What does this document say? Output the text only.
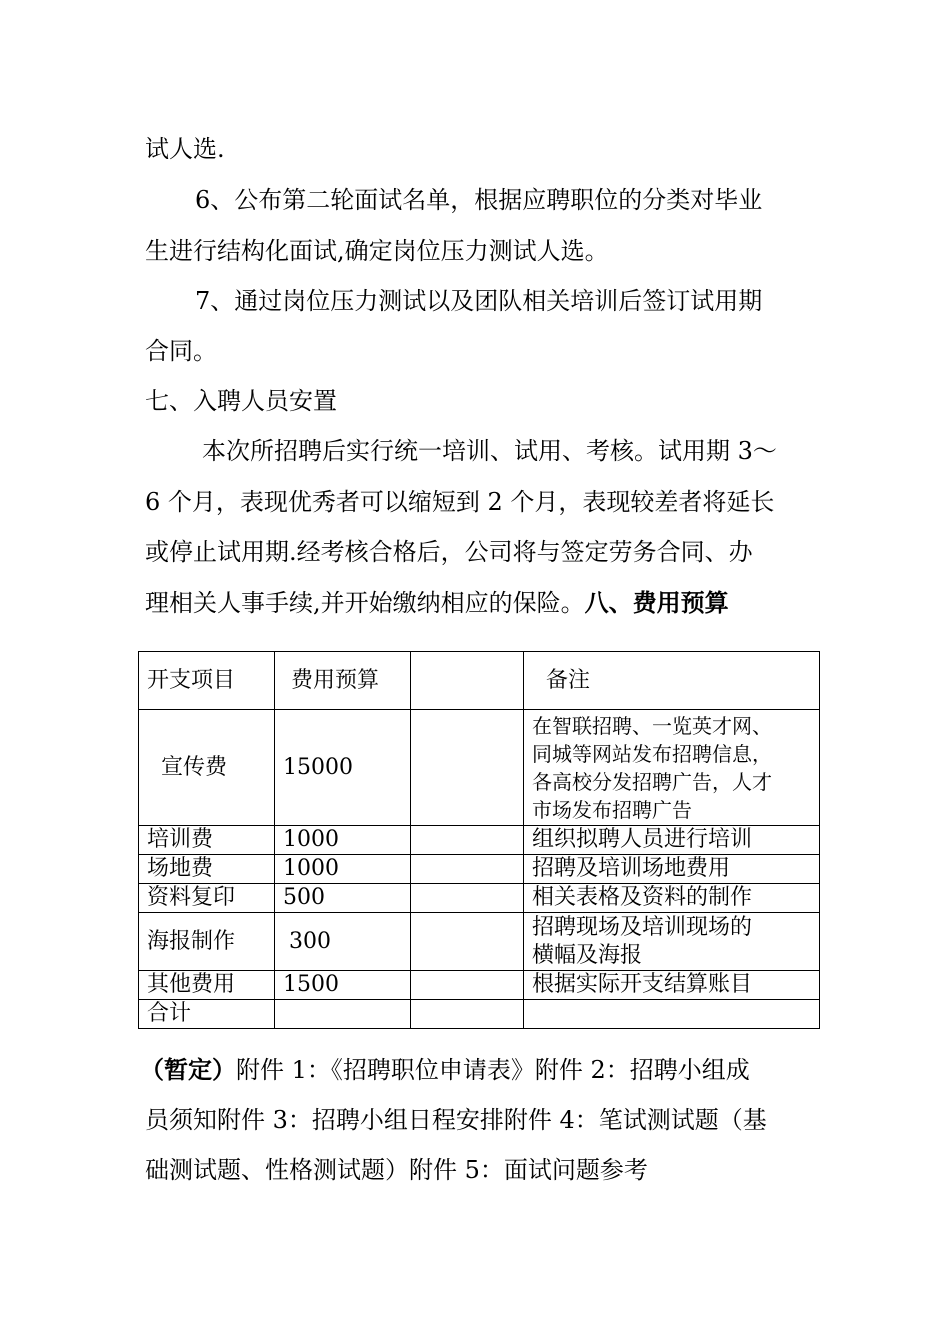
试人选.
6、公布第二轮面试名单，根据应聘职位的分类对毕业
生进行结构化面试,确定岗位压力测试人选。
7、通过岗位压力测试以及团队相关培训后签订试用期
合同。
七、入聘人员安置
本次所招聘后实行统一培训、试用、考核。试用期 3～
6 个月，表现优秀者可以缩短到 2 个月，表现较差者将延长
或停止试用期.经考核合格后，公司将与签定劳务合同、办
理相关人事手续,并开始缴纳相应的保险。八、费用预算
开支项目	费用预算		备注
宣传费	15000		在智联招聘、一览英才网、
同城等网站发布招聘信息，
各高校分发招聘广告，人才
市场发布招聘广告

培训费	1000		组织拟聘人员进行培训
场地费	1000		招聘及培训场地费用
资料复印	500		相关表格及资料的制作
海报制作	300		招聘现场及培训现场的
横幅及海报

其他费用	1500		根据实际开支结算账目
合计			
（暂定）附件 1：《招聘职位申请表》附件 2：招聘小组成
员须知附件 3：招聘小组日程安排附件 4：笔试测试题（基
础测试题、性格测试题）附件 5：面试问题参考
